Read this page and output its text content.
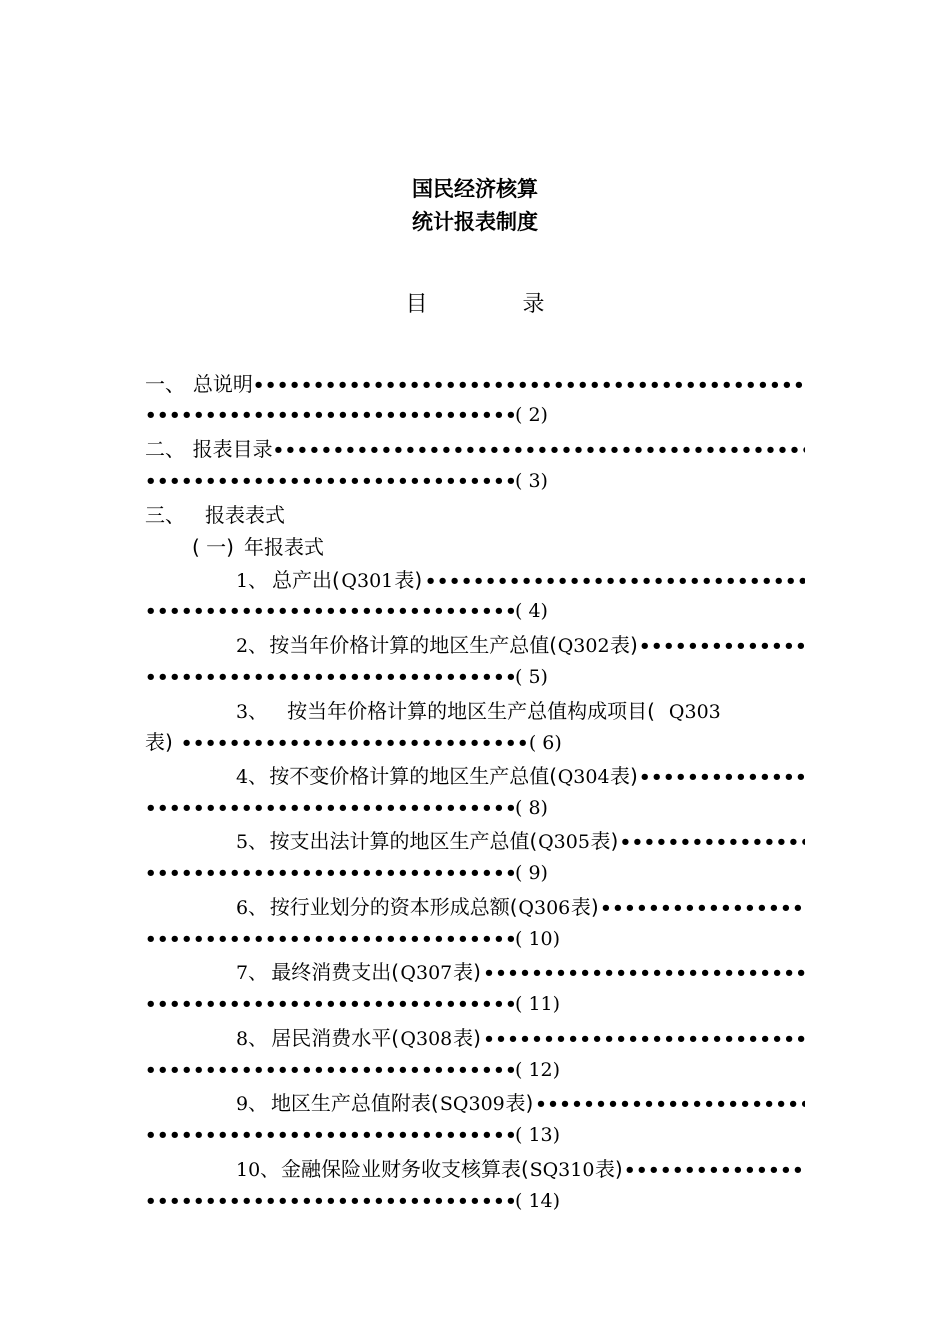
国民经济核算
统计报表制度
目 录
一、 总说明
•••••
•••••
( 2)
二、 报表目录
•••••
•••••
( 3)
三、 报表表式
( 一) 年报表式
1、 总产出( Q301 表)
•••••
•••••
( 4)
2、 按当年价格计算的地区生产总值( Q302 表)
•••••
•••••
( 5)
3、 按当年价格计算的地区生产总值构成项目( Q303
表)
•••••	( 6)
4、 按不变价格计算的地区生产总值( Q304 表)
•••••
•••••
( 8)
5、 按支出法计算的地区生产总值( Q305 表)
•••••
•••••
( 9)
6、 按行业划分的资本形成总额( Q306 表)
•••••
•••••
( 10)
7、 最终消费支出( Q307 表)
•••••
•••••
( 11)
8、 居民消费水平( Q308 表)
•••••
•••••
( 12)
9、 地区生产总值附表( SQ309 表)
•••••
•••••
( 13)
10、 金融保险业财务收支核算表( SQ310 表)
•••••
•••••
( 14)
